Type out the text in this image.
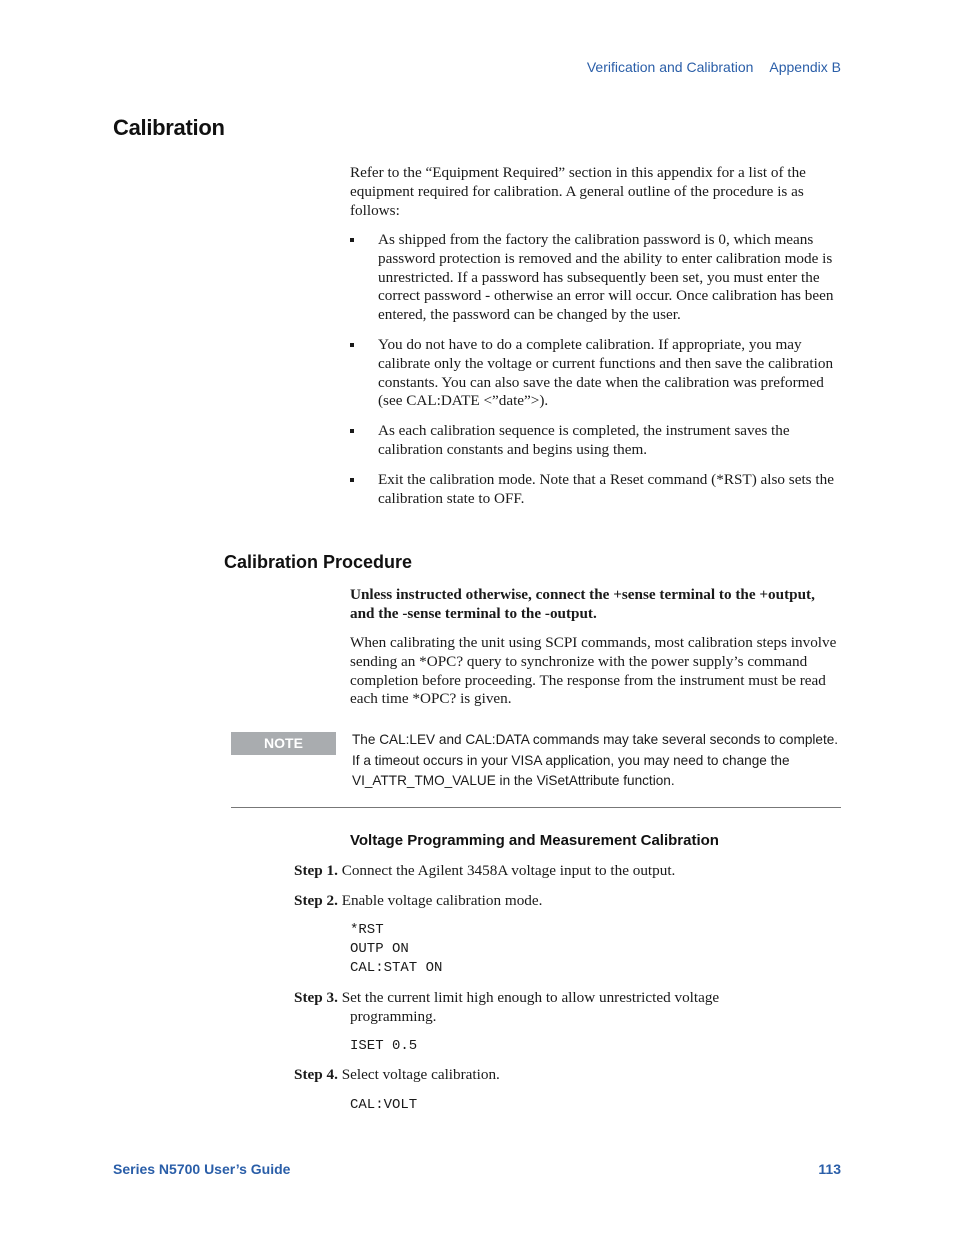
Verification and Calibration Appendix B
Calibration

Refer to the “Equipment Required” section in this appendix for a list of the equipment required for calibration. A general outline of the procedure is as follows:

As shipped from the factory the calibration password is 0, which means password protection is removed and the ability to enter calibration mode is unrestricted. If a password has subsequently been set, you must enter the correct password - otherwise an error will occur. Once calibration has been entered, the password can be changed by the user.
You do not have to do a complete calibration. If appropriate, you may calibrate only the voltage or current functions and then save the calibration constants. You can also save the date when the calibration was preformed (see CAL:DATE <”date”>).
As each calibration sequence is completed, the instrument saves the calibration constants and begins using them.
Exit the calibration mode. Note that a Reset command (*RST) also sets the calibration state to OFF.
Calibration Procedure

Unless instructed otherwise, connect the +sense terminal to the +output, and the -sense terminal to the -output.

When calibrating the unit using SCPI commands, most calibration steps involve sending an *OPC? query to synchronize with the power supply’s command completion before proceeding. The response from the instrument must be read each time *OPC? is given.

NOTE	The CAL:LEV and CAL:DATA commands may take several seconds to complete.
If a timeout occurs in your VISA application, you may need to change the
VI_ATTR_TMO_VALUE in the ViSetAttribute function.
Voltage Programming and Measurement Calibration
Step 1. Connect the Agilent 3458A voltage input to the output.
Step 2. Enable voltage calibration mode.
*RST
OUTP ON
CAL:STAT ON
Step 3. Set the current limit high enough to allow unrestricted voltage
programming.
ISET 0.5
Step 4. Select voltage calibration.
CAL:VOLT
Series N5700 User’s Guide	113
